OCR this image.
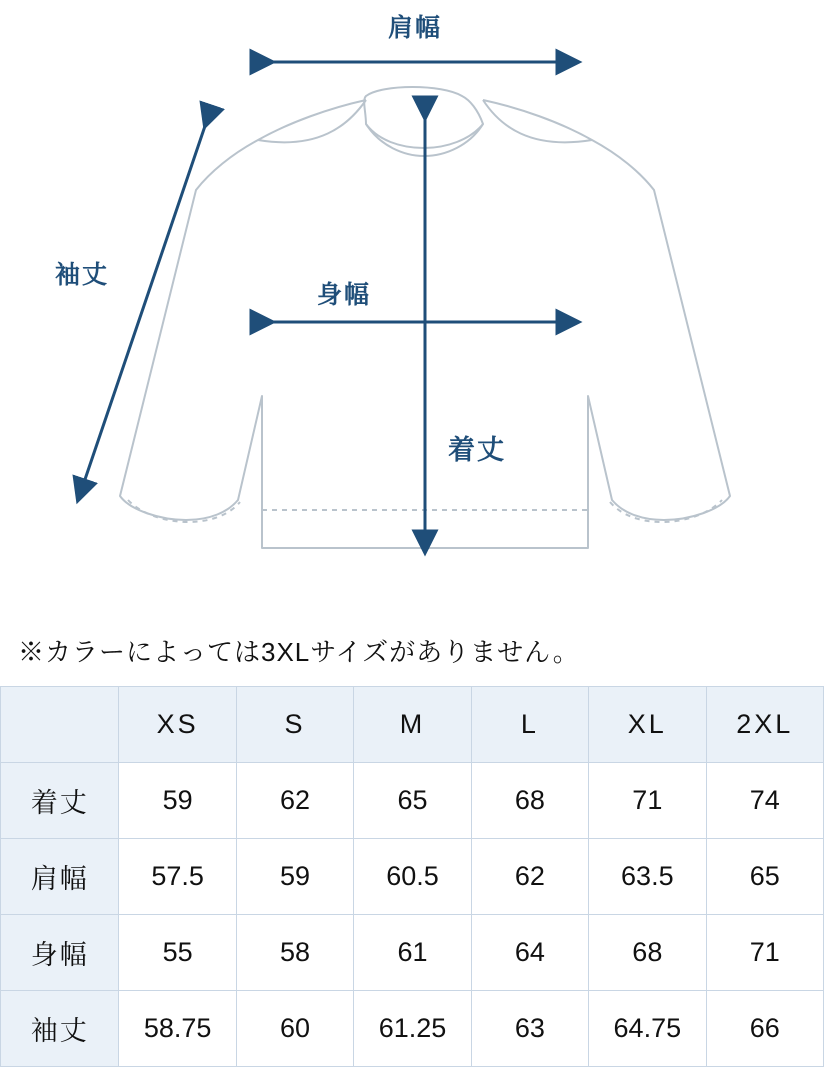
肩幅
袖丈
身幅
着丈
※カラーによっては3XLサイズがありません。
	XS	S	M	L	XL	2XL
着丈	59	62	65	68	71	74
肩幅	57.5	59	60.5	62	63.5	65
身幅	55	58	61	64	68	71
袖丈	58.75	60	61.25	63	64.75	66
